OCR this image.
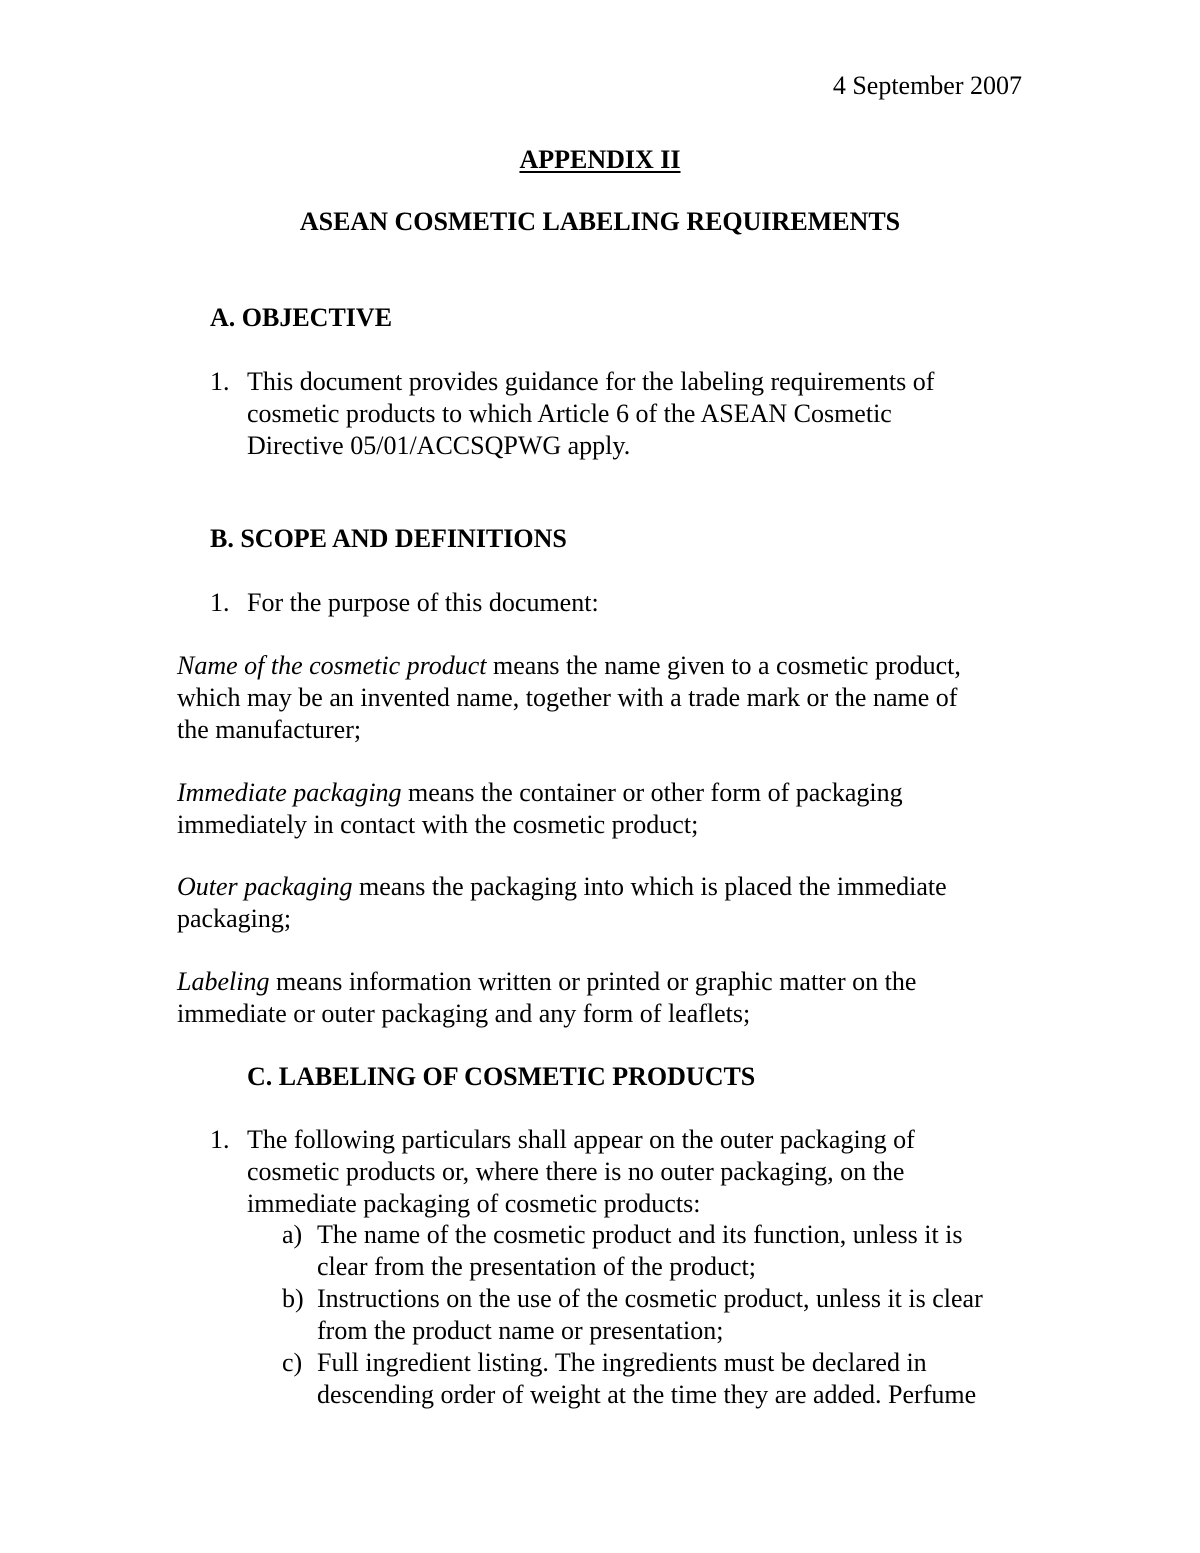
4 September 2007
APPENDIX II
ASEAN COSMETIC LABELING REQUIREMENTS
A. OBJECTIVE
1. This document provides guidance for the labeling requirements of
cosmetic products to which Article 6 of the ASEAN Cosmetic
Directive 05/01/ACCSQPWG apply.
B. SCOPE AND DEFINITIONS
1. For the purpose of this document:
Name of the cosmetic product means the name given to a cosmetic product,
which may be an invented name, together with a trade mark or the name of
the manufacturer;
Immediate packaging means the container or other form of packaging
immediately in contact with the cosmetic product;
Outer packaging means the packaging into which is placed the immediate
packaging;
Labeling means information written or printed or graphic matter on the
immediate or outer packaging and any form of leaflets;
C. LABELING OF COSMETIC PRODUCTS
1. The following particulars shall appear on the outer packaging of
cosmetic products or, where there is no outer packaging, on the
immediate packaging of cosmetic products:
a) The name of the cosmetic product and its function, unless it is
clear from the presentation of the product;
b) Instructions on the use of the cosmetic product, unless it is clear
from the product name or presentation;
c) Full ingredient listing. The ingredients must be declared in
descending order of weight at the time they are added. Perfume
